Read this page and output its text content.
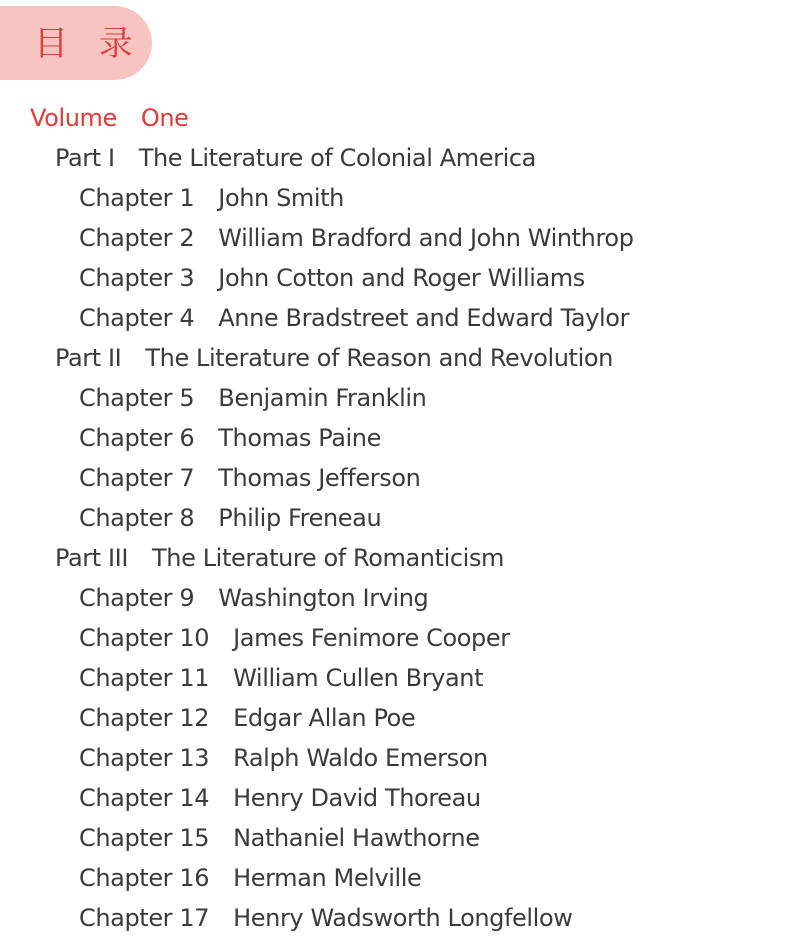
目 录
Volume One
Part I The Literature of Colonial America
Chapter 1 John Smith
Chapter 2 William Bradford and John Winthrop
Chapter 3 John Cotton and Roger Williams
Chapter 4 Anne Bradstreet and Edward Taylor
Part II The Literature of Reason and Revolution
Chapter 5 Benjamin Franklin
Chapter 6 Thomas Paine
Chapter 7 Thomas Jefferson
Chapter 8 Philip Freneau
Part III The Literature of Romanticism
Chapter 9 Washington Irving
Chapter 10 James Fenimore Cooper
Chapter 11 William Cullen Bryant
Chapter 12 Edgar Allan Poe
Chapter 13 Ralph Waldo Emerson
Chapter 14 Henry David Thoreau
Chapter 15 Nathaniel Hawthorne
Chapter 16 Herman Melville
Chapter 17 Henry Wadsworth Longfellow
